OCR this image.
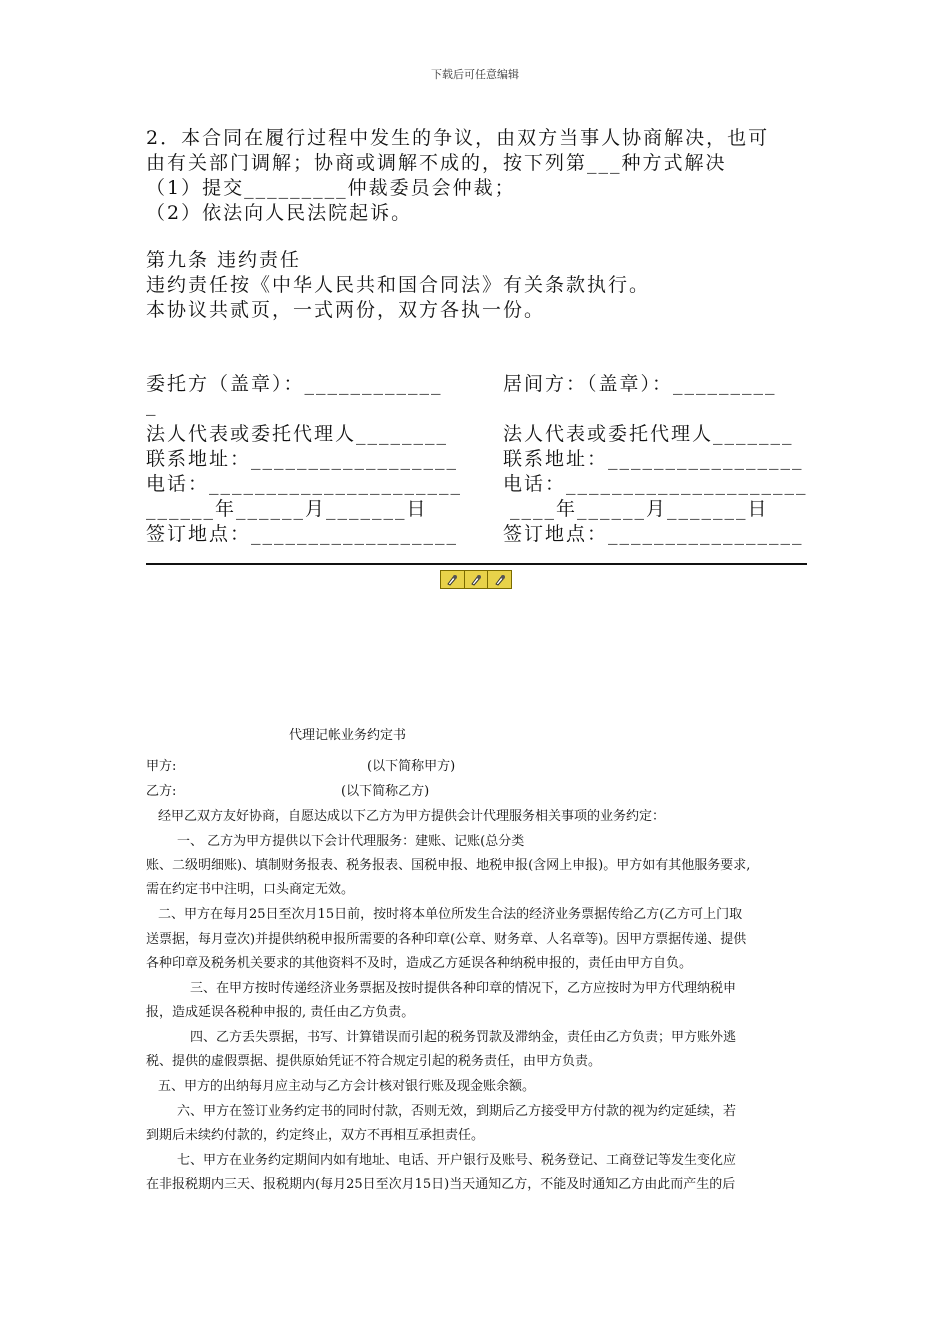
下载后可任意编辑
2．本合同在履行过程中发生的争议，由双方当事人协商解决，也可
由有关部门调解；协商或调解不成的，按下列第___种方式解决
（1）提交_________仲裁委员会仲裁；
（2）依法向人民法院起诉。
第九条 违约责任
违约责任按《中华人民共和国合同法》有关条款执行。
本协议共贰页，一式两份，双方各执一份。
委托方（盖章）：____________
_
法人代表或委托代理人________
联系地址：__________________
电话：______________________
______年______月_______日
签订地点：__________________
居间方：（盖章）：_________
法人代表或委托代理人_______
联系地址：_________________
电话：_____________________
____年______月_______日
签订地点：_________________
代理记帐业务约定书
甲方:	(以下简称甲方)
乙方:	(以下简称乙方)
经甲乙双方友好协商，自愿达成以下乙方为甲方提供会计代理服务相关事项的业务约定：
一、 乙方为甲方提供以下会计代理服务：建账、记账(总分类
账、二级明细账)、填制财务报表、税务报表、国税申报、地税申报(含网上申报)。甲方如有其他服务要求,
需在约定书中注明，口头商定无效。
二、甲方在每月25日至次月15日前，按时将本单位所发生合法的经济业务票据传给乙方(乙方可上门取
送票据，每月壹次)并提供纳税申报所需要的各种印章(公章、财务章、人名章等)。因甲方票据传递、提供
各种印章及税务机关要求的其他资料不及时，造成乙方延误各种纳税申报的，责任由甲方自负。
三、在甲方按时传递经济业务票据及按时提供各种印章的情况下，乙方应按时为甲方代理纳税申
报，造成延误各税种申报的, 责任由乙方负责。
四、乙方丢失票据，书写、计算错误而引起的税务罚款及滞纳金，责任由乙方负责；甲方账外逃
税、提供的虚假票据、提供原始凭证不符合规定引起的税务责任，由甲方负责。
五、甲方的出纳每月应主动与乙方会计核对银行账及现金账余额。
六、甲方在签订业务约定书的同时付款，否则无效，到期后乙方接受甲方付款的视为约定延续，若
到期后未续约付款的，约定终止，双方不再相互承担责任。
七、甲方在业务约定期间内如有地址、电话、开户银行及账号、税务登记、工商登记等发生变化应
在非报税期内三天、报税期内(每月25日至次月15日)当天通知乙方，不能及时通知乙方由此而产生的后
